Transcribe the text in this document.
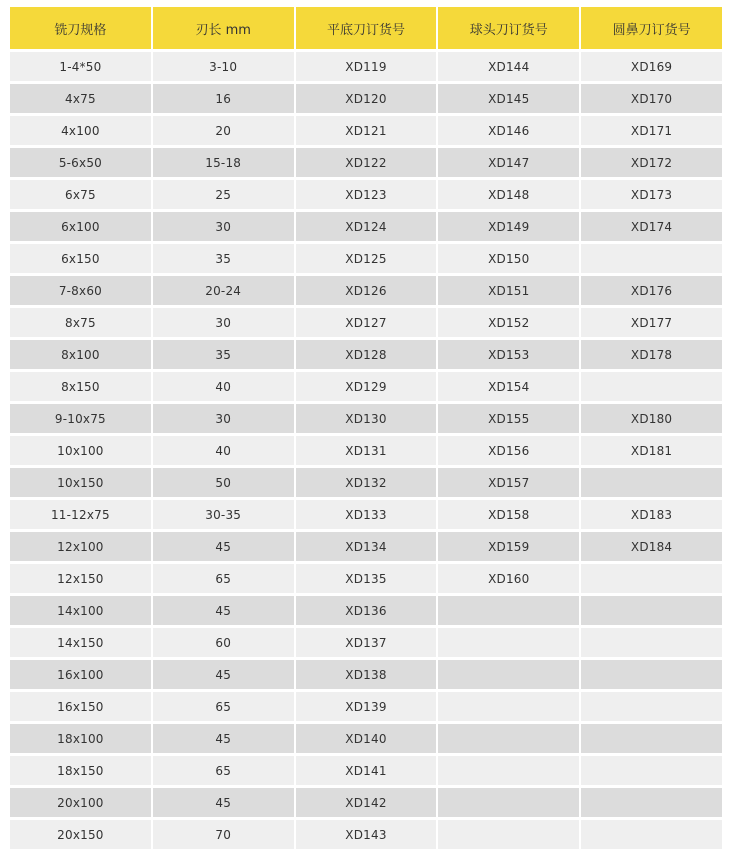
铣刀规格	刃长 mm	平底刀订货号	球头刀订货号	圆鼻刀订货号
1-4*50	3-10	XD119	XD144	XD169
4x75	16	XD120	XD145	XD170
4x100	20	XD121	XD146	XD171
5-6x50	15-18	XD122	XD147	XD172
6x75	25	XD123	XD148	XD173
6x100	30	XD124	XD149	XD174
6x150	35	XD125	XD150	
7-8x60	20-24	XD126	XD151	XD176
8x75	30	XD127	XD152	XD177
8x100	35	XD128	XD153	XD178
8x150	40	XD129	XD154	
9-10x75	30	XD130	XD155	XD180
10x100	40	XD131	XD156	XD181
10x150	50	XD132	XD157	
11-12x75	30-35	XD133	XD158	XD183
12x100	45	XD134	XD159	XD184
12x150	65	XD135	XD160	
14x100	45	XD136		
14x150	60	XD137		
16x100	45	XD138		
16x150	65	XD139		
18x100	45	XD140		
18x150	65	XD141		
20x100	45	XD142		
20x150	70	XD143		
